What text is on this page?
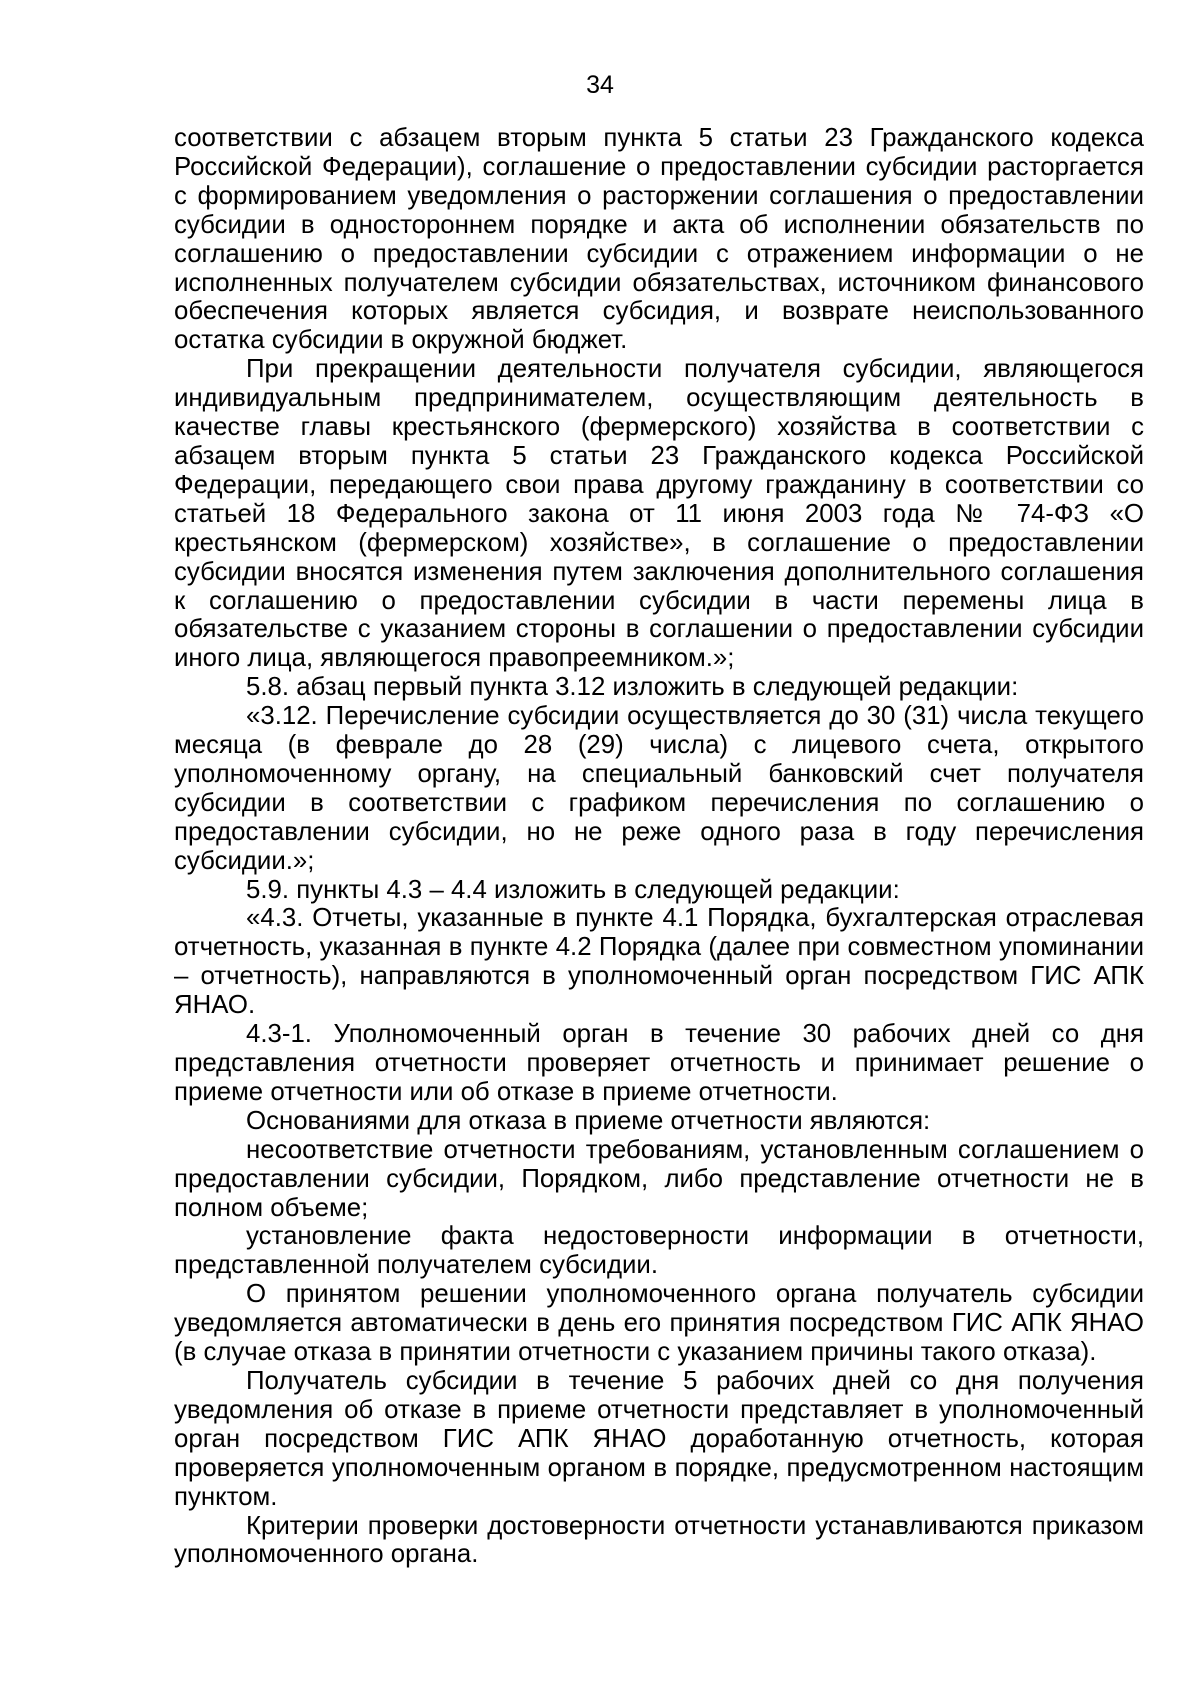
34

соответствии с абзацем вторым пункта 5 статьи 23 Гражданского кодекса Российской Федерации), соглашение о предоставлении субсидии расторгается с формированием уведомления о расторжении соглашения о предоставлении субсидии в одностороннем порядке и акта об исполнении обязательств по соглашению о предоставлении субсидии с отражением информации о не исполненных получателем субсидии обязательствах, источником финансового обеспечения которых является субсидия, и возврате неиспользованного остатка субсидии в окружной бюджет.

При прекращении деятельности получателя субсидии, являющегося индивидуальным предпринимателем, осуществляющим деятельность в качестве главы крестьянского (фермерского) хозяйства в соответствии с абзацем вторым пункта 5 статьи 23 Гражданского кодекса Российской Федерации, передающего свои права другому гражданину в соответствии со статьей 18 Федерального закона от 11 июня 2003 года № 74-ФЗ «О крестьянском (фермерском) хозяйстве», в соглашение о предоставлении субсидии вносятся изменения путем заключения дополнительного соглашения к соглашению о предоставлении субсидии в части перемены лица в обязательстве с указанием стороны в соглашении о предоставлении субсидии иного лица, являющегося правопреемником.»;

5.8. абзац первый пункта 3.12 изложить в следующей редакции:

«3.12. Перечисление субсидии осуществляется до 30 (31) числа текущего месяца (в феврале до 28 (29) числа) с лицевого счета, открытого уполномоченному органу, на специальный банковский счет получателя субсидии в соответствии с графиком перечисления по соглашению о предоставлении субсидии, но не реже одного раза в году перечисления субсидии.»;

5.9. пункты 4.3 – 4.4 изложить в следующей редакции:

«4.3. Отчеты, указанные в пункте 4.1 Порядка, бухгалтерская отраслевая отчетность, указанная в пункте 4.2 Порядка (далее при совместном упоминании – отчетность), направляются в уполномоченный орган посредством ГИС АПК ЯНАО.

4.3-1. Уполномоченный орган в течение 30 рабочих дней со дня представления отчетности проверяет отчетность и принимает решение о приеме отчетности или об отказе в приеме отчетности.

Основаниями для отказа в приеме отчетности являются:

несоответствие отчетности требованиям, установленным соглашением о предоставлении субсидии, Порядком, либо представление отчетности не в полном объеме;

установление факта недостоверности информации в отчетности, представленной получателем субсидии.

О принятом решении уполномоченного органа получатель субсидии уведомляется автоматически в день его принятия посредством ГИС АПК ЯНАО (в случае отказа в принятии отчетности с указанием причины такого отказа).

Получатель субсидии в течение 5 рабочих дней со дня получения уведомления об отказе в приеме отчетности представляет в уполномоченный орган посредством ГИС АПК ЯНАО доработанную отчетность, которая проверяется уполномоченным органом в порядке, предусмотренном настоящим пунктом.

Критерии проверки достоверности отчетности устанавливаются приказом уполномоченного органа.
